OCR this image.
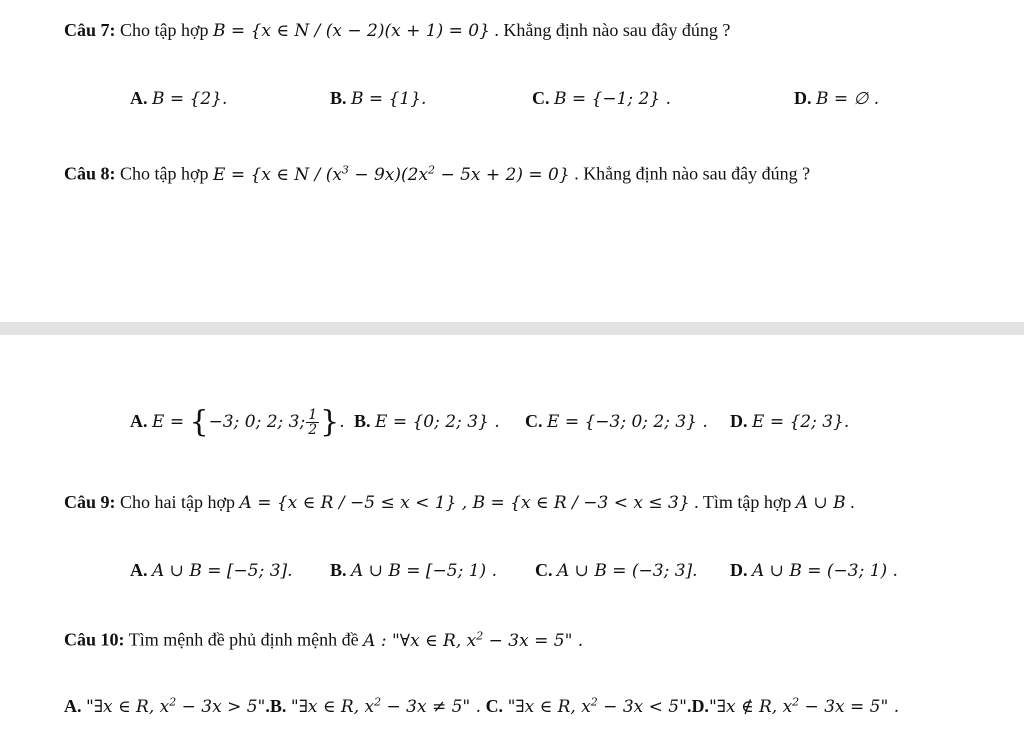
Câu 7: Cho tập hợp B = {x ∈ N / (x − 2)(x + 1) = 0} . Khẳng định nào sau đây đúng ?
A. B = {2}.	B. B = {1}.	C. B = {−1; 2} .	D. B = ∅ .
Câu 8: Cho tập hợp E = {x ∈ $N / (x^3 - 9x)(2x^2 - 5x + 2) = 0$} . Khẳng định nào sau đây đúng ?
A. E = {−3; 0; 2; 3; $\frac{1}{2}$ }. B. E = {0; 2; 3} . C. E = {−3; 0; 2; 3} . D. E = {2; 3}.
Câu 9: Cho hai tập hợp A = {x ∈ R / −5 ≤ x < 1} , B = {x ∈ R / −3 < x ≤ 3} . Tìm tập hợp A ∪ B .
A. A ∪ B = [−5; 3]. B. A ∪ B = [−5; 1) . C. A ∪ B = (−3; 3]. D. A ∪ B = (−3; 1) .
Câu 10: Tìm mệnh đề phủ định mệnh đề A : "∀x ∈ R, $x^2 - 3x = 5$" .
A. "∃x ∈ R, $x^2 - 3x$ > 5".B. "∃x ∈ R, $x^2 - 3x \ne 5$" . C. "∃x ∈ R, $x^2 - 3x$ < 5".D."∃x ∉ R, $x^2 - 3x = 5$" .
